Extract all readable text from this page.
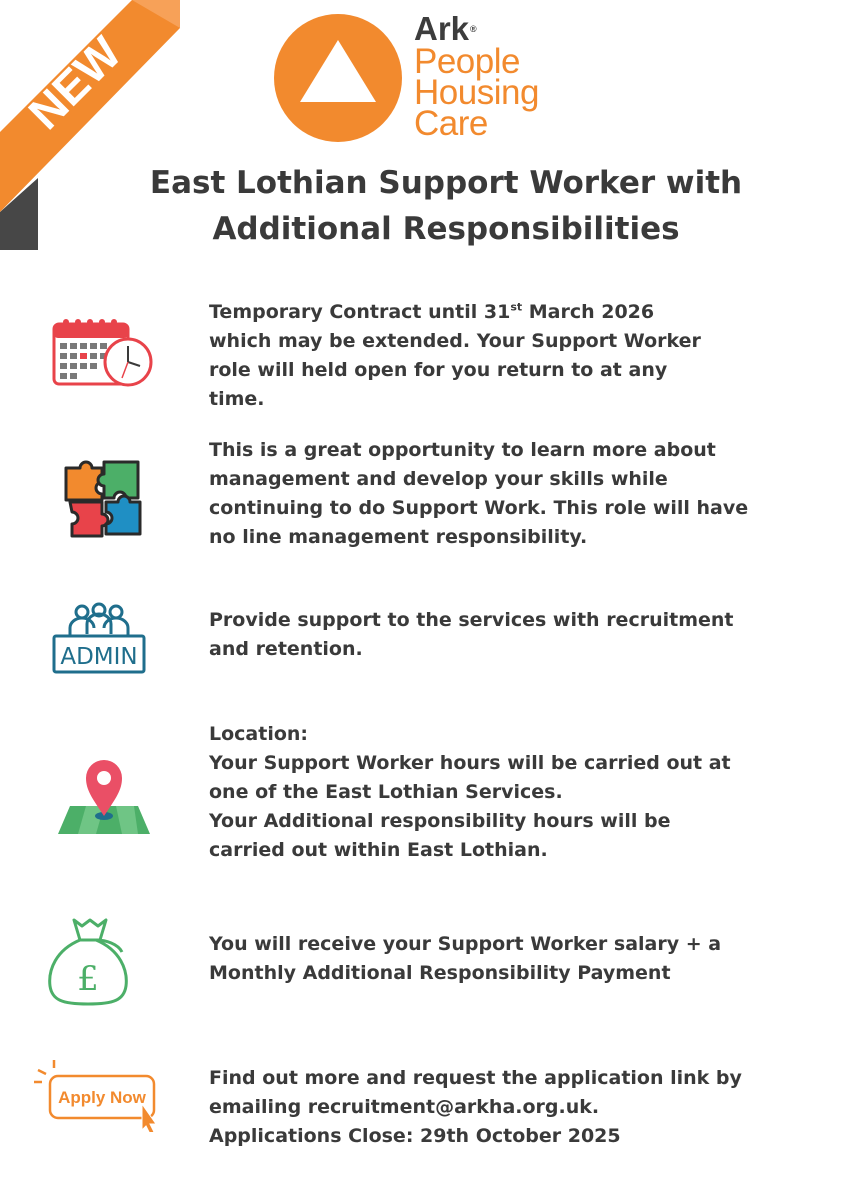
NEW	Ark®
People
Housing
Care
East Lothian Support Worker with
Additional Responsibilities
Temporary Contract until 31st March 2026
which may be extended. Your Support Worker
role will held open for you return to at any
time.
This is a great opportunity to learn more about
management and develop your skills while
continuing to do Support Work. This role will have
no line management responsibility.
ADMIN
Provide support to the services with recruitment
and retention.
Location:
Your Support Worker hours will be carried out at
one of the East Lothian Services.
Your Additional responsibility hours will be
carried out within East Lothian.
£
You will receive your Support Worker salary + a
Monthly Additional Responsibility Payment
Apply Now
Find out more and request the application link by
emailing recruitment@arkha.org.uk.
Applications Close: 29th October 2025
